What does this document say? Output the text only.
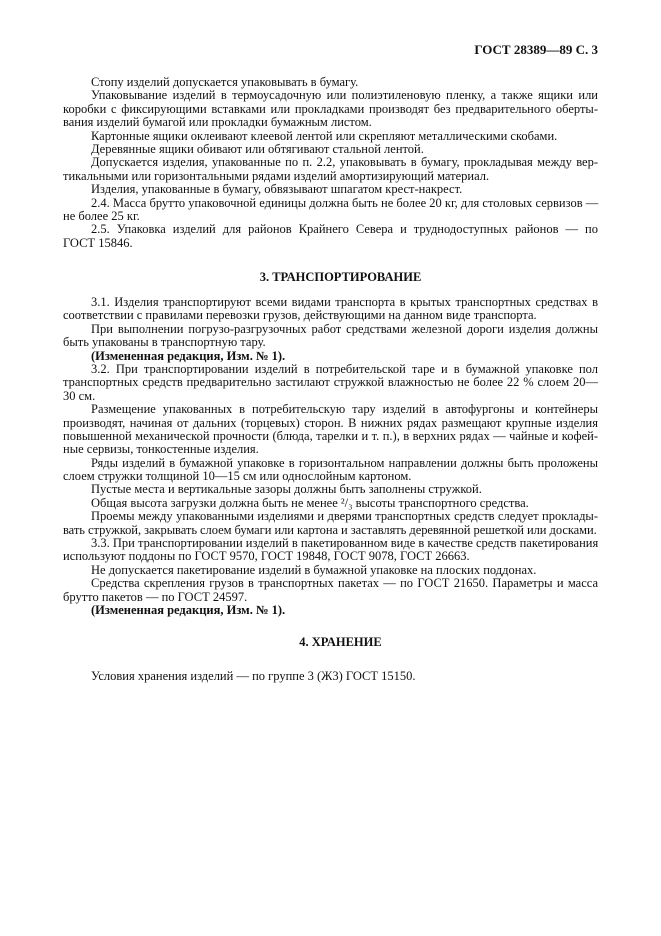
ГОСТ 28389—89 С. 3
Стопу изделий допускается упаковывать в бумагу.
Упаковывание изделий в термоусадочную или полиэтиленовую пленку, а также ящики или
коробки с фиксирующими вставками или прокладками производят без предварительного оберты-
вания изделий бумагой или прокладки бумажным листом.
Картонные ящики оклеивают клеевой лентой или скрепляют металлическими скобами.
Деревянные ящики обивают или обтягивают стальной лентой.
Допускается изделия, упакованные по п. 2.2, упаковывать в бумагу, прокладывая между вер-
тикальными или горизонтальными рядами изделий амортизирующий материал.
Изделия, упакованные в бумагу, обвязывают шпагатом крест-накрест.
2.4. Масса брутто упаковочной единицы должна быть не более 20 кг, для столовых сервизов —
не более 25 кг.
2.5. Упаковка изделий для районов Крайнего Севера и труднодоступных районов — по
ГОСТ 15846.
3. ТРАНСПОРТИРОВАНИЕ
3.1. Изделия транспортируют всеми видами транспорта в крытых транспортных средствах в
соответствии с правилами перевозки грузов, действующими на данном виде транспорта.
При выполнении погрузо-разгрузочных работ средствами железной дороги изделия должны
быть упакованы в транспортную тару.
(Измененная редакция, Изм. № 1).
3.2. При транспортировании изделий в потребительской таре и в бумажной упаковке пол
транспортных средств предварительно застилают стружкой влажностью не более 22 % слоем 20—
30 см.
Размещение упакованных в потребительскую тару изделий в автофургоны и контейнеры
производят, начиная от дальних (торцевых) сторон. В нижних рядах размещают крупные изделия
повышенной механической прочности (блюда, тарелки и т. п.), в верхних рядах — чайные и кофей-
ные сервизы, тонкостенные изделия.
Ряды изделий в бумажной упаковке в горизонтальном направлении должны быть проложены
слоем стружки толщиной 10—15 см или однослойным картоном.
Пустые места и вертикальные зазоры должны быть заполнены стружкой.
Общая высота загрузки должна быть не менее ²/₃ высоты транспортного средства.
Проемы между упакованными изделиями и дверями транспортных средств следует проклады-
вать стружкой, закрывать слоем бумаги или картона и заставлять деревянной решеткой или досками.
3.3. При транспортировании изделий в пакетированном виде в качестве средств пакетирования
используют поддоны по ГОСТ 9570, ГОСТ 19848, ГОСТ 9078, ГОСТ 26663.
Не допускается пакетирование изделий в бумажной упаковке на плоских поддонах.
Средства скрепления грузов в транспортных пакетах — по ГОСТ 21650. Параметры и масса
брутто пакетов — по ГОСТ 24597.
(Измененная редакция, Изм. № 1).
4. ХРАНЕНИЕ
Условия хранения изделий — по группе 3 (Ж3) ГОСТ 15150.
